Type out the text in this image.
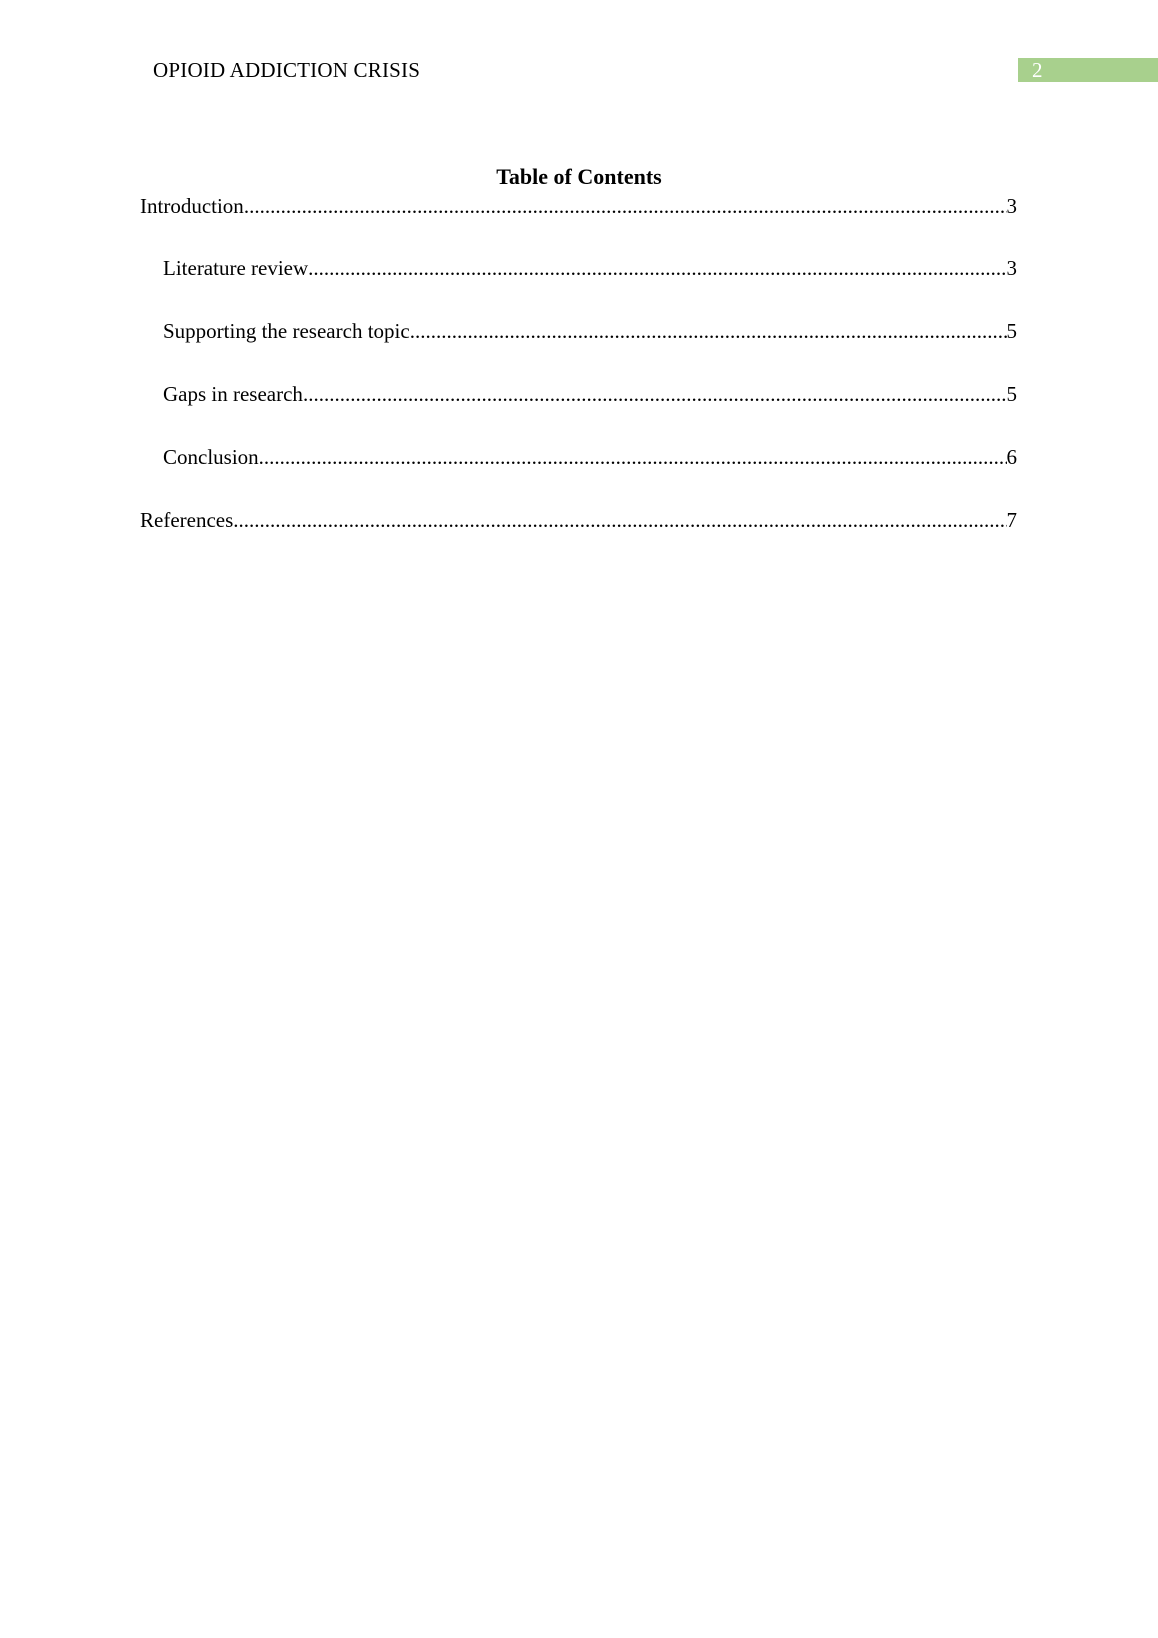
OPIOID ADDICTION CRISIS	2
Table of Contents
Introduction .....	3
Literature review .....	3
Supporting the research topic .....	5
Gaps in research .....	5
Conclusion .....	6
References .....	7
